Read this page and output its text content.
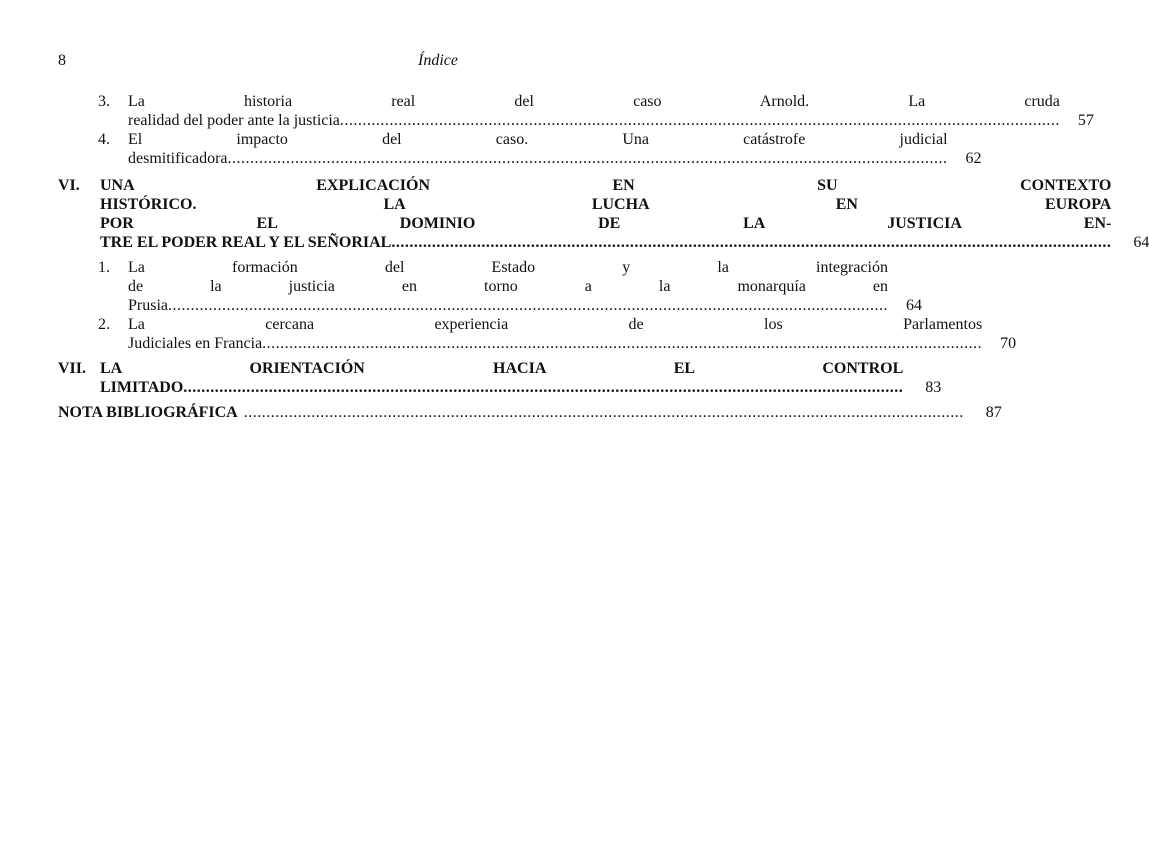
8	Índice
3.	La historia real del caso Arnold. La cruda
realidad del poder ante la justicia .....	57
4.	El impacto del caso. Una catástrofe judicial
desmitificadora .....	62
VI.	UNA EXPLICACIÓN EN SU CONTEXTO
HISTÓRICO. LA LUCHA EN EUROPA
POR EL DOMINIO DE LA JUSTICIA EN-
TRE EL PODER REAL Y EL SEÑORIAL .....	64
1.	La formación del Estado y la integración
de la justicia en torno a la monarquía en
Prusia .....	64
2.	La cercana experiencia de los Parlamentos
Judiciales en Francia .....	70
VII. LA ORIENTACIÓN HACIA EL CONTROL
LIMITADO .....	83
NOTA BIBLIOGRÁFICA .....	87
